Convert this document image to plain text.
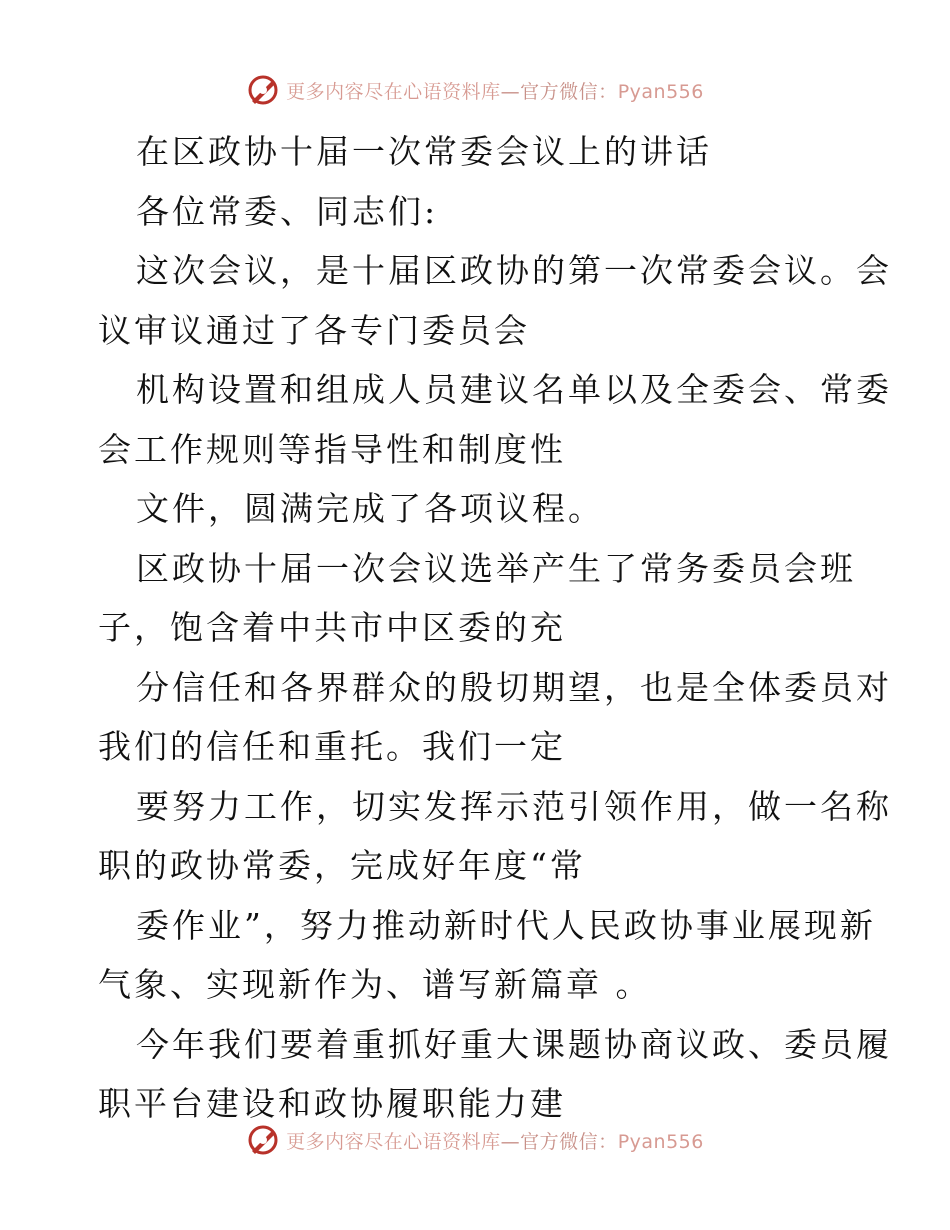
更多内容尽在心语资料库—官方微信：Pyan556
在区政协十届一次常委会议上的讲话
各位常委、同志们:
这次会议，是十届区政协的第一次常委会议。会
议审议通过了各专门委员会
机构设置和组成人员建议名单以及全委会、常委
会工作规则等指导性和制度性
文件，圆满完成了各项议程。
区政协十届一次会议选举产生了常务委员会班
子，饱含着中共市中区委的充
分信任和各界群众的殷切期望，也是全体委员对
我们的信任和重托。我们一定
要努力工作，切实发挥示范引领作用，做一名称
职的政协常委，完成好年度“常
委作业”，努力推动新时代人民政协事业展现新
气象、实现新作为、谱写新篇章 。
今年我们要着重抓好重大课题协商议政、委员履
职平台建设和政协履职能力建
更多内容尽在心语资料库—官方微信：Pyan556
